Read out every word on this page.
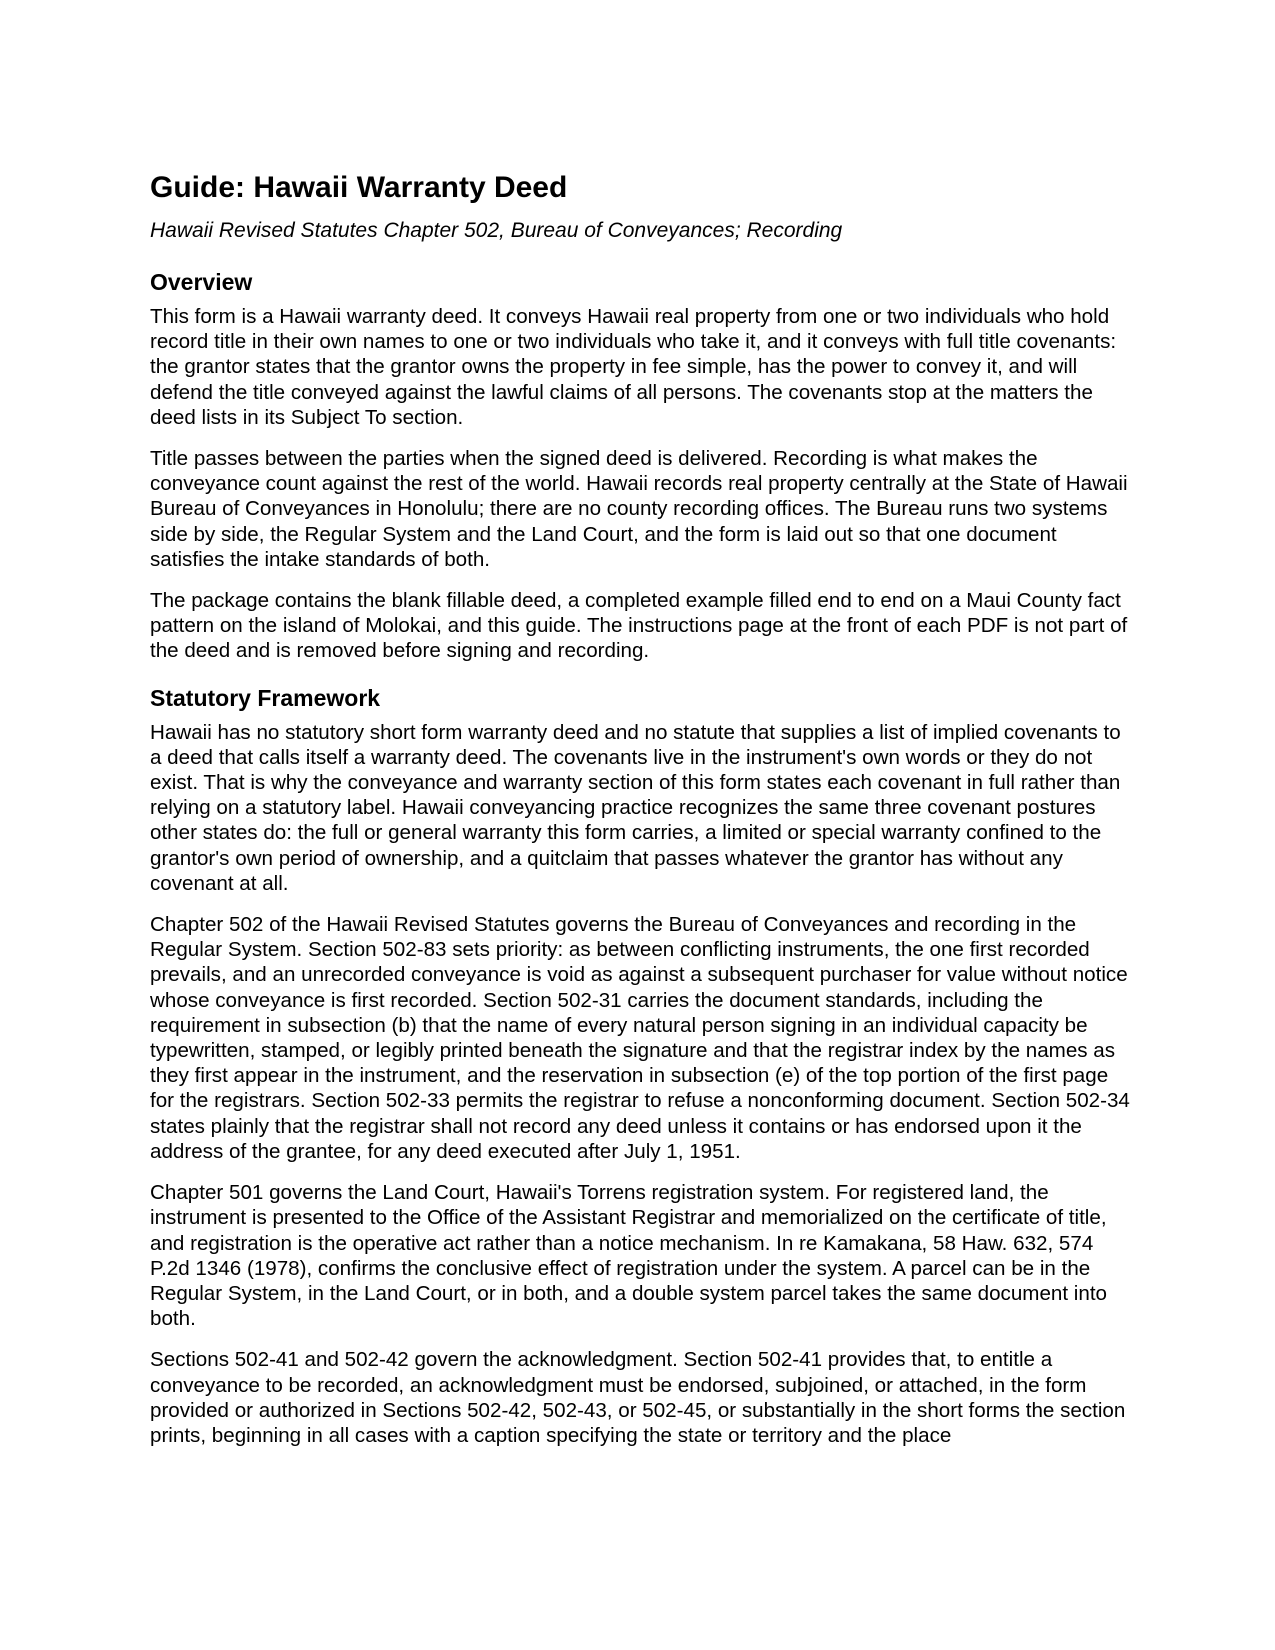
Guide: Hawaii Warranty Deed
Hawaii Revised Statutes Chapter 502, Bureau of Conveyances; Recording
Overview

This form is a Hawaii warranty deed. It conveys Hawaii real property from one or two individuals who hold record title in their own names to one or two individuals who take it, and it conveys with full title covenants: the grantor states that the grantor owns the property in fee simple, has the power to convey it, and will defend the title conveyed against the lawful claims of all persons. The covenants stop at the matters the deed lists in its Subject To section.

Title passes between the parties when the signed deed is delivered. Recording is what makes the conveyance count against the rest of the world. Hawaii records real property centrally at the State of Hawaii Bureau of Conveyances in Honolulu; there are no county recording offices. The Bureau runs two systems side by side, the Regular System and the Land Court, and the form is laid out so that one document satisfies the intake standards of both.

The package contains the blank fillable deed, a completed example filled end to end on a Maui County fact pattern on the island of Molokai, and this guide. The instructions page at the front of each PDF is not part of the deed and is removed before signing and recording.

Statutory Framework

Hawaii has no statutory short form warranty deed and no statute that supplies a list of implied covenants to a deed that calls itself a warranty deed. The covenants live in the instrument's own words or they do not exist. That is why the conveyance and warranty section of this form states each covenant in full rather than relying on a statutory label. Hawaii conveyancing practice recognizes the same three covenant postures other states do: the full or general warranty this form carries, a limited or special warranty confined to the grantor's own period of ownership, and a quitclaim that passes whatever the grantor has without any covenant at all.

Chapter 502 of the Hawaii Revised Statutes governs the Bureau of Conveyances and recording in the Regular System. Section 502-83 sets priority: as between conflicting instruments, the one first recorded prevails, and an unrecorded conveyance is void as against a subsequent purchaser for value without notice whose conveyance is first recorded. Section 502-31 carries the document standards, including the requirement in subsection (b) that the name of every natural person signing in an individual capacity be typewritten, stamped, or legibly printed beneath the signature and that the registrar index by the names as they first appear in the instrument, and the reservation in subsection (e) of the top portion of the first page for the registrars. Section 502-33 permits the registrar to refuse a nonconforming document. Section 502-34 states plainly that the registrar shall not record any deed unless it contains or has endorsed upon it the address of the grantee, for any deed executed after July 1, 1951.

Chapter 501 governs the Land Court, Hawaii's Torrens registration system. For registered land, the instrument is presented to the Office of the Assistant Registrar and memorialized on the certificate of title, and registration is the operative act rather than a notice mechanism. In re Kamakana, 58 Haw. 632, 574 P.2d 1346 (1978), confirms the conclusive effect of registration under the system. A parcel can be in the Regular System, in the Land Court, or in both, and a double system parcel takes the same document into both.

Sections 502-41 and 502-42 govern the acknowledgment. Section 502-41 provides that, to entitle a conveyance to be recorded, an acknowledgment must be endorsed, subjoined, or attached, in the form provided or authorized in Sections 502-42, 502-43, or 502-45, or substantially in the short forms the section prints, beginning in all cases with a caption specifying the state or territory and the place
